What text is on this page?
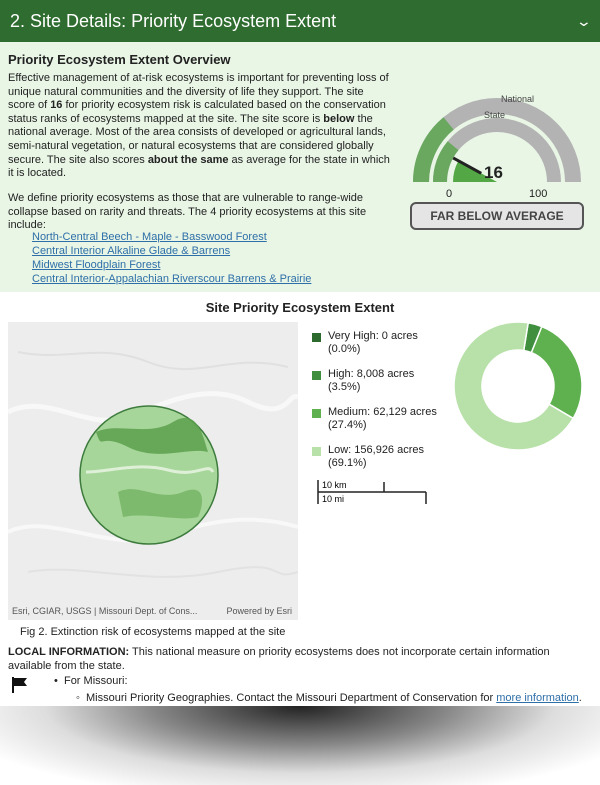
2. Site Details: Priority Ecosystem Extent	⌄
Priority Ecosystem Extent Overview
Effective management of at-risk ecosystems is important for preventing loss of unique natural communities and the diversity of life they support. The site score of 16 for priority ecosystem risk is calculated based on the conservation status ranks of ecosystems mapped at the site. The site score is below the national average. Most of the area consists of developed or agricultural lands, semi-natural vegetation, or natural ecosystems that are considered globally secure. The site also scores about the same as average for the state in which it is located.
We define priority ecosystems as those that are vulnerable to range-wide collapse based on rarity and threats. The 4 priority ecosystems at this site include:
North-Central Beech - Maple - Basswood Forest
Central Interior Alkaline Glade & Barrens
Midwest Floodplain Forest
Central Interior-Appalachian Riverscour Barrens & Prairie
National
State
16
0	100
FAR BELOW AVERAGE
Site Priority Ecosystem Extent
Esri, CGIAR, USGS | Missouri Dept. of Cons...	Powered by Esri
Very High: 0 acres
(0.0%)
High: 8,008 acres
(3.5%)
Medium: 62,129 acres
(27.4%)
Low: 156,926 acres
(69.1%)
10 km
10 mi
Fig 2. Extinction risk of ecosystems mapped at the site
LOCAL INFORMATION: This national measure on priority ecosystems does not incorporate certain information available from the state.
•  For Missouri:
◦  Missouri Priority Geographies. Contact the Missouri Department of Conservation for more information.
